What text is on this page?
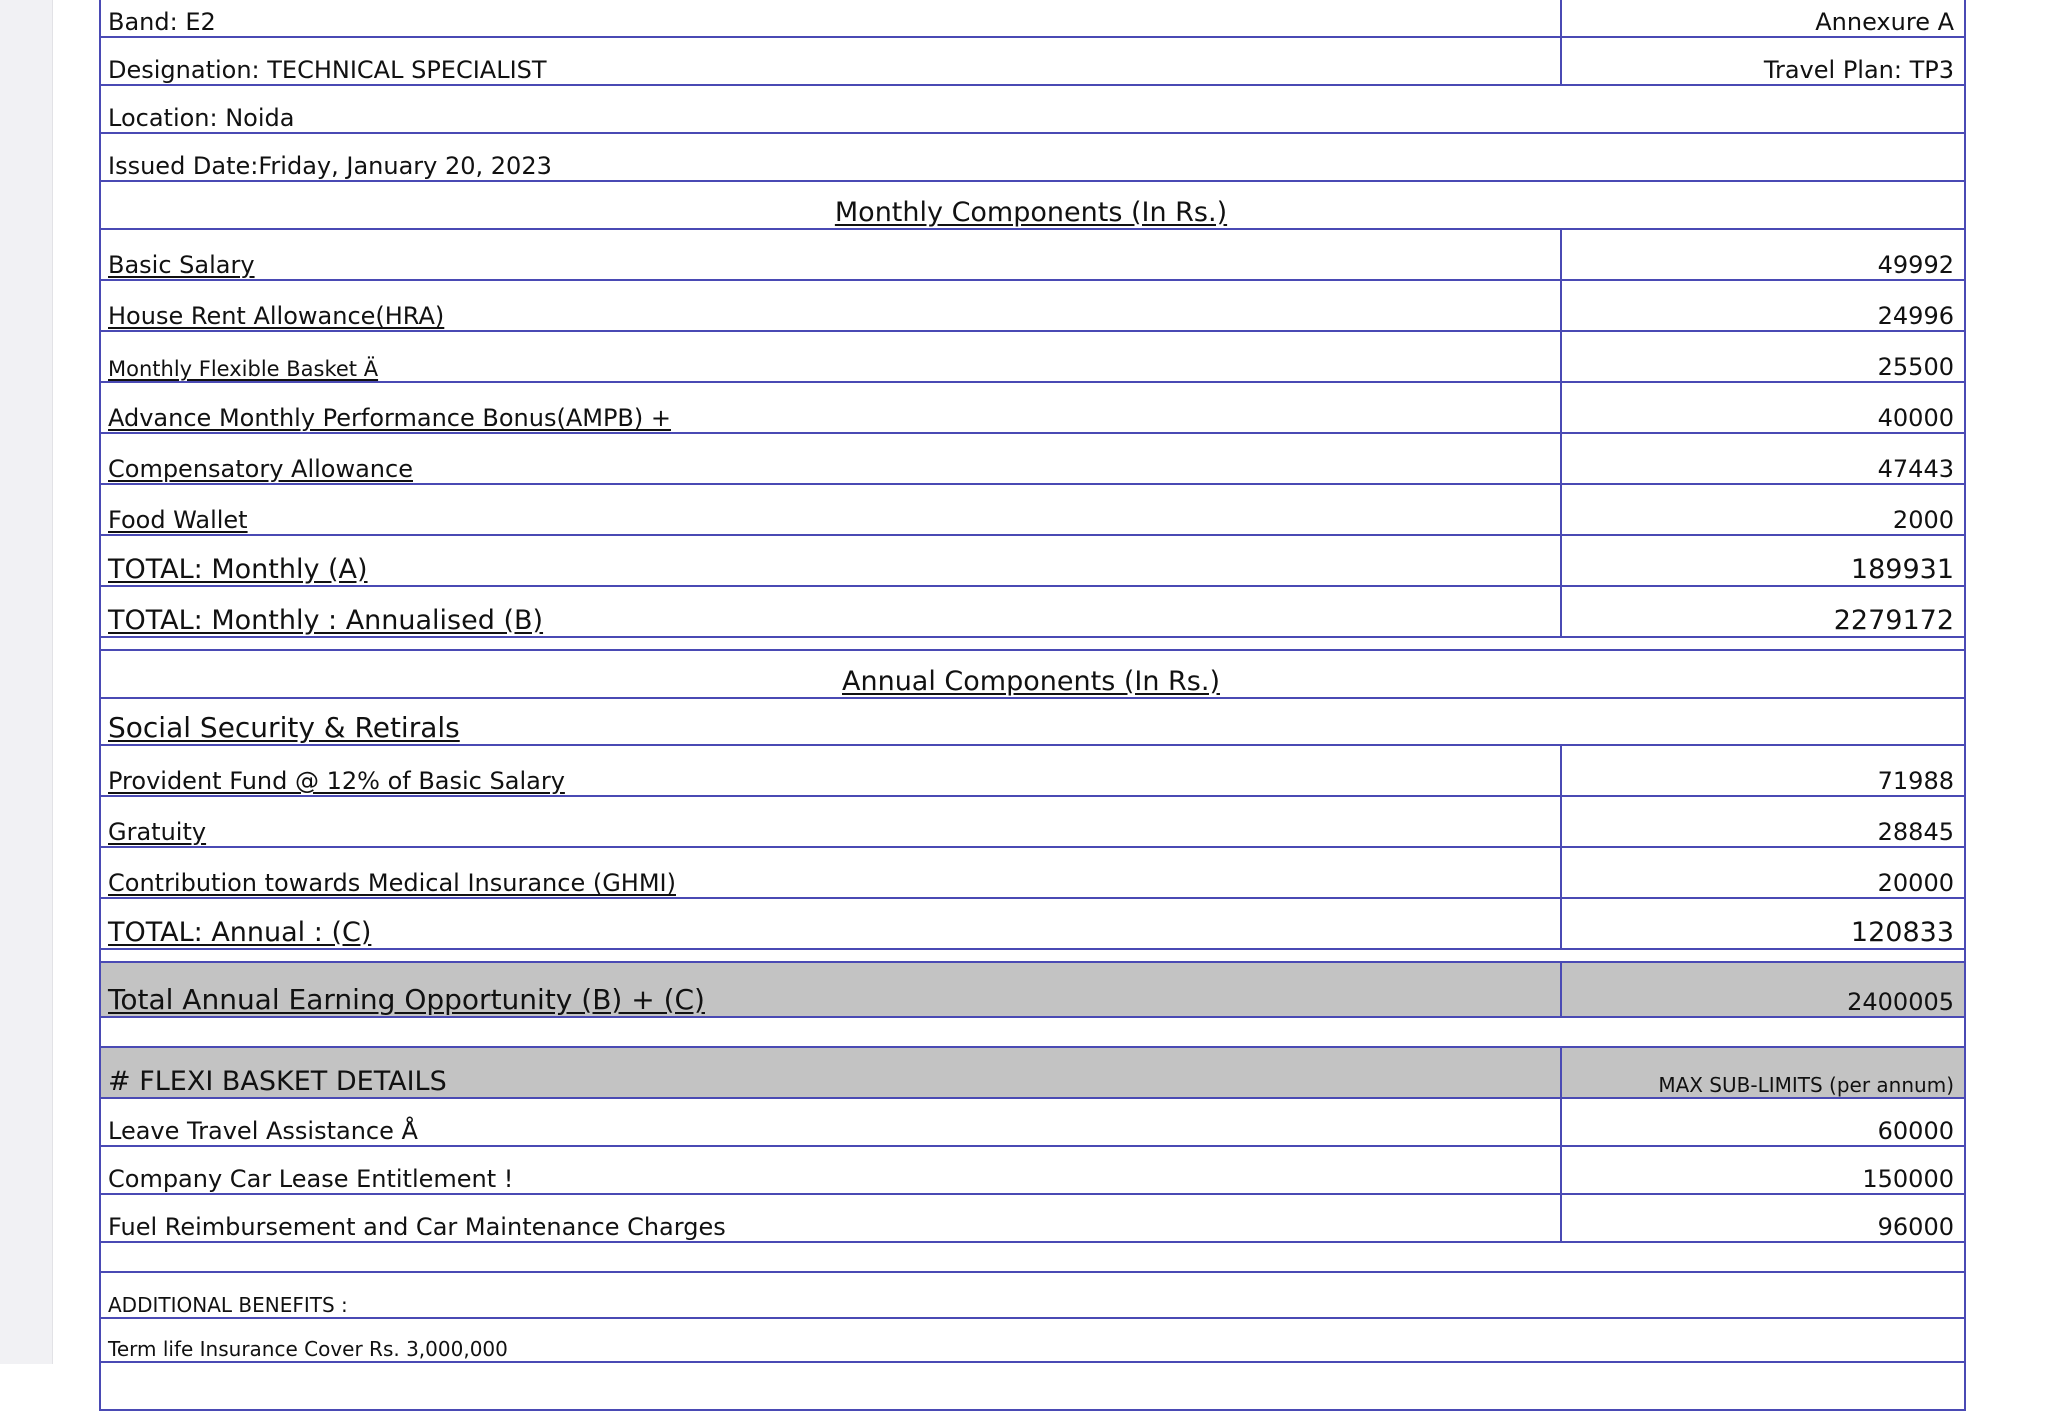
Band: E2	Annexure A
Designation: TECHNICAL SPECIALIST	Travel Plan: TP3
Location: Noida	
Issued Date:Friday, January 20, 2023	
Monthly Components (In Rs.)	
Basic Salary	49992
House Rent Allowance(HRA)	24996
Monthly Flexible Basket Ä	25500
Advance Monthly Performance Bonus(AMPB) +	40000
Compensatory Allowance	47443
Food Wallet	2000
TOTAL: Monthly (A)	189931
TOTAL: Monthly : Annualised (B)	2279172

Annual Components (In Rs.)	
Social Security & Retirals	
Provident Fund @ 12% of Basic Salary	71988
Gratuity	28845
Contribution towards Medical Insurance (GHMI)	20000
TOTAL: Annual : (C)	120833

Total Annual Earning Opportunity (B) + (C)	2400005

# FLEXI BASKET DETAILS	MAX SUB-LIMITS (per annum)
Leave Travel Assistance Å	60000
Company Car Lease Entitlement !	150000
Fuel Reimbursement and Car Maintenance Charges	96000

ADDITIONAL BENEFITS :	
Term life Insurance Cover Rs. 3,000,000	
